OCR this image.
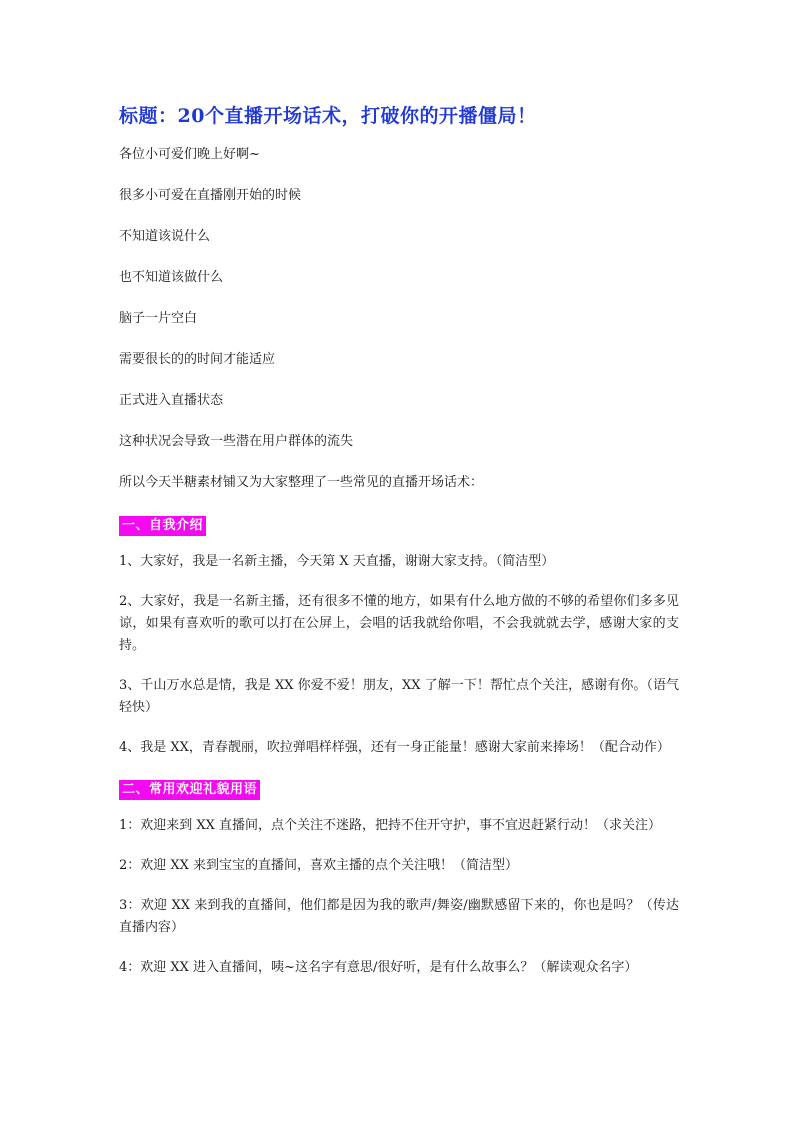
标题：20个直播开场话术，打破你的开播僵局！

各位小可爱们晚上好啊~

很多小可爱在直播刚开始的时候

不知道该说什么

也不知道该做什么

脑子一片空白

需要很长的的时间才能适应

正式进入直播状态

这种状况会导致一些潜在用户群体的流失

所以今天半糖素材铺又为大家整理了一些常见的直播开场话术：

一、自我介绍

1、大家好，我是一名新主播，今天第 X 天直播，谢谢大家支持。（简洁型）

2、大家好，我是一名新主播，还有很多不懂的地方，如果有什么地方做的不够的希望你们多多见谅，如果有喜欢听的歌可以打在公屏上，会唱的话我就给你唱，不会我就就去学，感谢大家的支持。

3、千山万水总是情，我是 XX 你爱不爱！朋友，XX 了解一下！帮忙点个关注，感谢有你。（语气轻快）

4、我是 XX，青春靓丽，吹拉弹唱样样强，还有一身正能量！感谢大家前来捧场！（配合动作）

二、常用欢迎礼貌用语

1：欢迎来到 XX 直播间，点个关注不迷路，把持不住开守护，事不宜迟赶紧行动！（求关注）

2：欢迎 XX 来到宝宝的直播间，喜欢主播的点个关注哦！（简洁型）

3：欢迎 XX 来到我的直播间，他们都是因为我的歌声/舞姿/幽默感留下来的，你也是吗？（传达直播内容）

4：欢迎 XX 进入直播间，咦~这名字有意思/很好听，是有什么故事么？（解读观众名字）
